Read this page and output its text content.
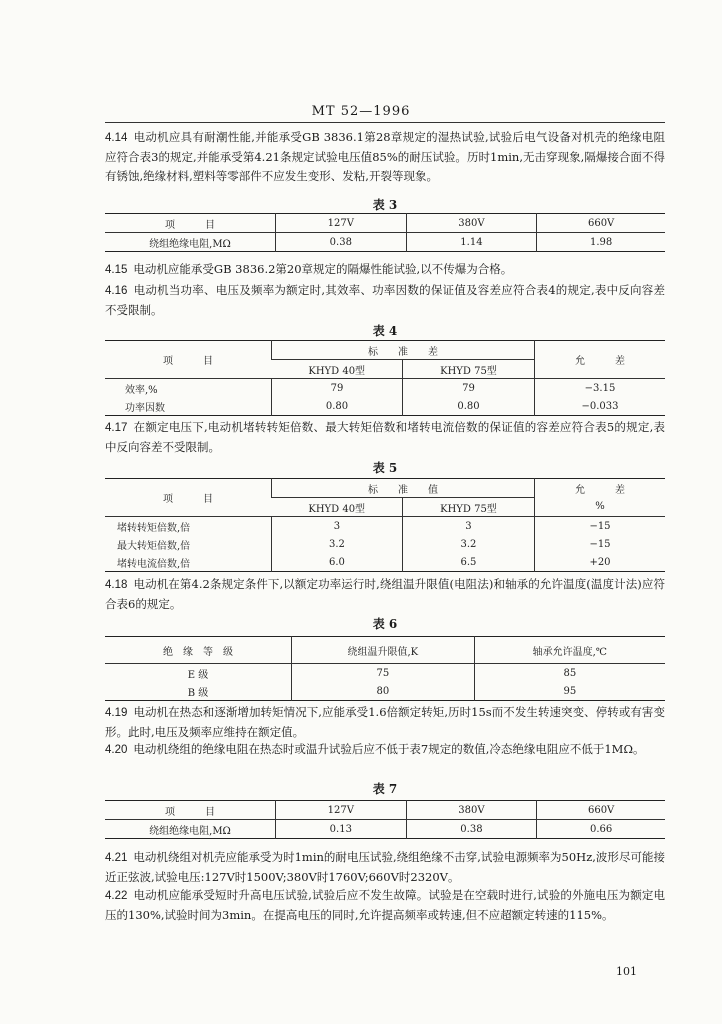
MT 52—1996
4.14 电动机应具有耐潮性能,并能承受GB 3836.1第28章规定的湿热试验,试验后电气设备对机壳的绝缘电阻应符合表3的规定,并能承受第4.21条规定试验电压值85%的耐压试验。历时1min,无击穿现象,隔爆接合面不得有锈蚀,绝缘材料,塑料等零部件不应发生变形、发粘,开裂等现象。
表 3
项　　　目	127V	380V	660V
绕组绝缘电阻,MΩ	0.38	1.14	1.98
4.15 电动机应能承受GB 3836.2第20章规定的隔爆性能试验,以不传爆为合格。
4.16 电动机当功率、电压及频率为额定时,其效率、功率因数的保证值及容差应符合表4的规定,表中反向容差不受限制。
表 4
项　　　目	标　　准　　差		允　　　差
	KHYD 40型	KHYD 75型	
效率,%	79	79	−3.15
功率因数	0.80	0.80	−0.033
4.17 在额定电压下,电动机堵转转矩倍数、最大转矩倍数和堵转电流倍数的保证值的容差应符合表5的规定,表中反向容差不受限制。
表 5
项　　　目	标　　准　　值		允　　　差
	KHYD 40型	KHYD 75型	%
堵转转矩倍数,倍	3	3	−15
最大转矩倍数,倍	3.2	3.2	−15
堵转电流倍数,倍	6.0	6.5	+20
4.18 电动机在第4.2条规定条件下,以额定功率运行时,绕组温升限值(电阻法)和轴承的允许温度(温度计法)应符合表6的规定。
表 6
绝　缘　等　级	绕组温升限值,K	轴承允许温度,℃
E 级	75	85
B 级	80	95
4.19 电动机在热态和逐渐增加转矩情况下,应能承受1.6倍额定转矩,历时15s而不发生转速突变、停转或有害变形。此时,电压及频率应维持在额定值。
4.20 电动机绕组的绝缘电阻在热态时或温升试验后应不低于表7规定的数值,冷态绝缘电阻应不低于1MΩ。
表 7
项　　　目	127V	380V	660V
绕组绝缘电阻,MΩ	0.13	0.38	0.66
4.21 电动机绕组对机壳应能承受为时1min的耐电压试验,绕组绝缘不击穿,试验电源频率为50Hz,波形尽可能接近正弦波,试验电压:127V时1500V;380V时1760V;660V时2320V。
4.22 电动机应能承受短时升高电压试验,试验后应不发生故障。试验是在空载时进行,试验的外施电压为额定电压的130%,试验时间为3min。在提高电压的同时,允许提高频率或转速,但不应超额定转速的115%。
101
